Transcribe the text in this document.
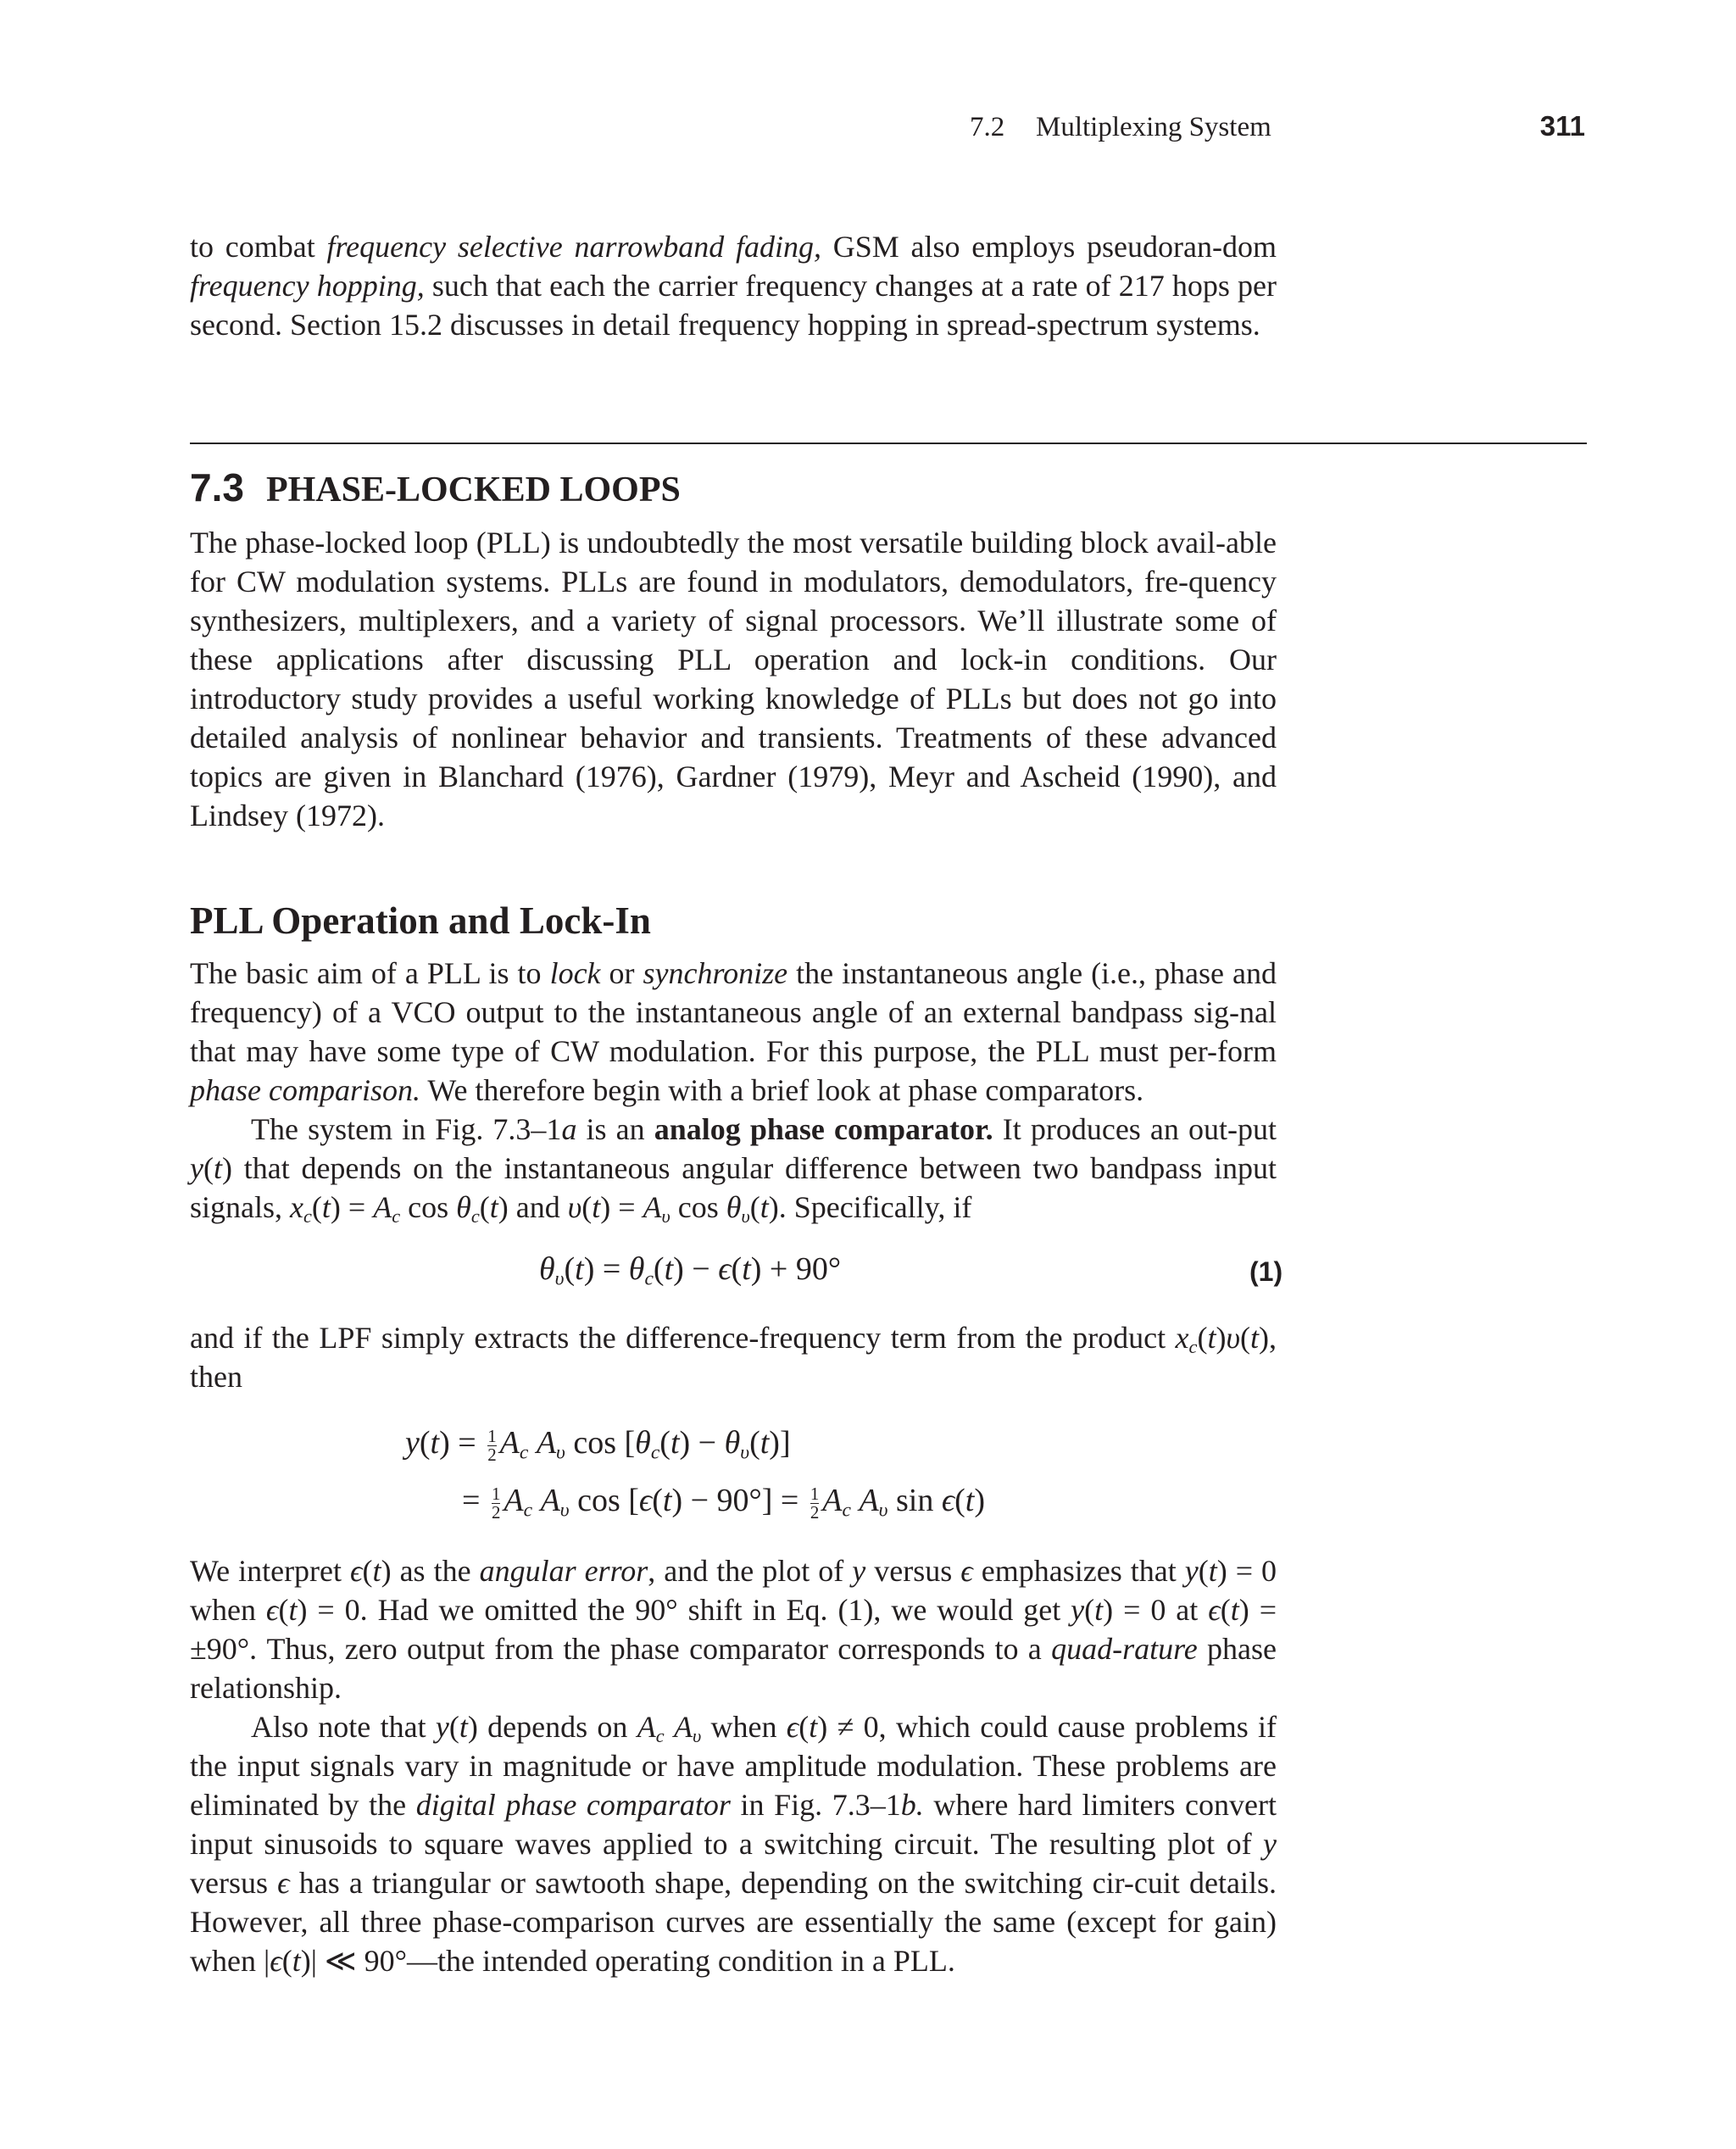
7.2 Multiplexing System	311

to combat frequency selective narrowband fading, GSM also employs pseudoran-dom frequency hopping, such that each the carrier frequency changes at a rate of 217 hops per second. Section 15.2 discusses in detail frequency hopping in spread-spectrum systems.

7.3 PHASE-LOCKED LOOPS

The phase-locked loop (PLL) is undoubtedly the most versatile building block avail-able for CW modulation systems. PLLs are found in modulators, demodulators, fre-quency synthesizers, multiplexers, and a variety of signal processors. We’ll illustrate some of these applications after discussing PLL operation and lock-in conditions. Our introductory study provides a useful working knowledge of PLLs but does not go into detailed analysis of nonlinear behavior and transients. Treatments of these advanced topics are given in Blanchard (1976), Gardner (1979), Meyr and Ascheid (1990), and Lindsey (1972).

PLL Operation and Lock-In

The basic aim of a PLL is to lock or synchronize the instantaneous angle (i.e., phase and frequency) of a VCO output to the instantaneous angle of an external bandpass sig-nal that may have some type of CW modulation. For this purpose, the PLL must per-form phase comparison. We therefore begin with a brief look at phase comparators.

The system in Fig. 7.3–1a is an analog phase comparator. It produces an out-put y(t) that depends on the instantaneous angular difference between two bandpass input signals, $x_c(t) = A_c$ $\cos \theta_c(t)$ and $\upsilon(t) = A_\upsilon$ $\cos \theta_\upsilon(t)$. Specifically, if

$\theta_\upsilon(t) = \theta_c(t) - \epsilon(t) + 90^\circ$	(1)

and if the LPF simply extracts the difference-frequency term from the product $x_c(t)\upsilon(t)$, then

$y(t) = \frac{1}{2} A_c$ $A_\upsilon$ $\cos [\theta_c(t) - \theta_\upsilon(t)]$
= $\frac{1}{2} A_c$ $A_\upsilon$ $\cos [\epsilon(t) - 90^\circ] = \frac{1}{2} A_c$ $A_\upsilon$ sin ϵ(t)

We interpret ϵ(t) as the angular error, and the plot of y versus ϵ emphasizes that y(t) = 0 when ϵ(t) = 0. Had we omitted the 90° shift in Eq. (1), we would get y(t) = 0 at ϵ(t) = ±90°. Thus, zero output from the phase comparator corresponds to a quad-rature phase relationship.

Also note that y(t) depends on $A_c$ $A_\upsilon$ when ϵ(t) ≠ 0, which could cause problems if the input signals vary in magnitude or have amplitude modulation. These problems are eliminated by the digital phase comparator in Fig. 7.3–1b. where hard limiters convert input sinusoids to square waves applied to a switching circuit. The resulting plot of y versus ϵ has a triangular or sawtooth shape, depending on the switching cir-cuit details. However, all three phase-comparison curves are essentially the same (except for gain) when |ϵ(t)| ≪ 90°—the intended operating condition in a PLL.
